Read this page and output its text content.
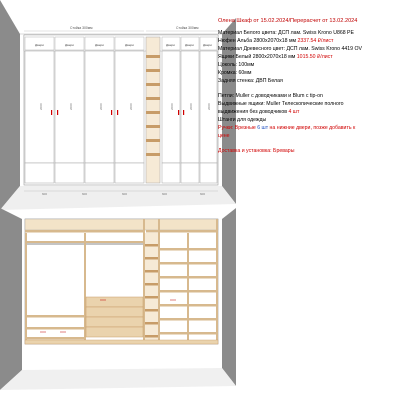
Стойка 300мм	Стойка 300мм
Двери	Двери	Двери	Двери	Двери	Двери	Двери
2000	2000	2000	2000	2000	2000	2000
600	600	600	600	600
Олена Шкаф от 15.02.2024/Перерасчет от 13.02.2024
Материал Белого цвета: ДСП лам. Swiss Krono U868 PE
Нюфен Альба 2800x2070x18 мм 2337.54 ₽/лист
Материал Древесного цвет: ДСП лам. Swiss Krono 4419 OV
Ящики Белый 2800x2070x18 мм 1015.50 ₽/лист
Цоколь: 100мм
Кромка: 60мм
Задняя стенка: ДВП Белая
Петли: Muller с доводчиками и Blum с tip-on
Выдвижные ящики: Muller Телескопические полного
выдвижения без доводчиков 4 шт
Штанги для одежды
Ручки: Врезные 6 шт на нижние двери, позже добавить к
цене
Доставка и установка: Бревары
